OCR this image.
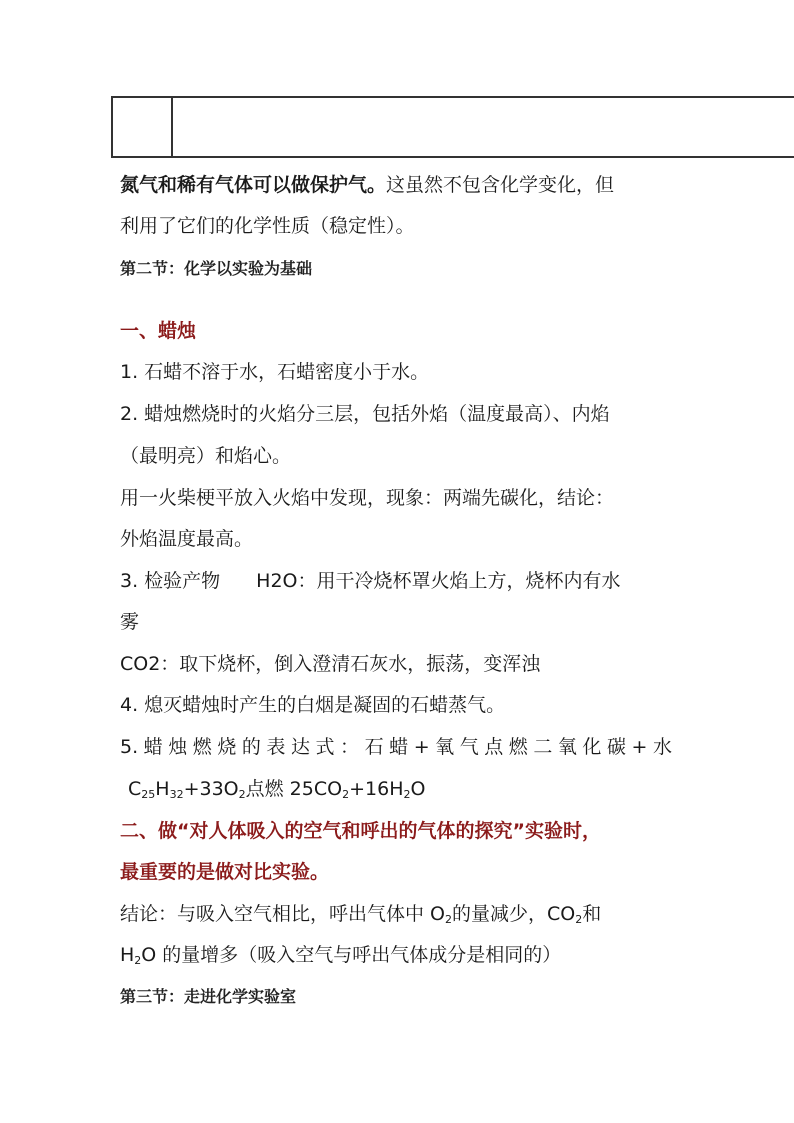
氮气和稀有气体可以做保护气。这虽然不包含化学变化，但
利用了它们的化学性质（稳定性）。
第二节：化学以实验为基础
一、蜡烛
1. 石蜡不溶于水，石蜡密度小于水。
2. 蜡烛燃烧时的火焰分三层，包括外焰（温度最高）、内焰
（最明亮）和焰心。
用一火柴梗平放入火焰中发现，现象：两端先碳化，结论：
外焰温度最高。
3. 检验产物 H2O：用干冷烧杯罩火焰上方，烧杯内有水
雾
CO2：取下烧杯，倒入澄清石灰水，振荡，变浑浊
4. 熄灭蜡烛时产生的白烟是凝固的石蜡蒸气。
5. 蜡 烛 燃 烧 的 表 达 式 ： 石 蜡 + 氧 气 点 燃 二 氧 化 碳 + 水
$C_{25}H_{32}+33O_2$点燃 $25CO_2+16H_2O$
二、做“对人体吸入的空气和呼出的气体的探究”实验时，
最重要的是做对比实验。
结论：与吸入空气相比，呼出气体中 $O_2$的量减少，$CO_2$和
$H_2O$ 的量增多（吸入空气与呼出气体成分是相同的）
第三节：走进化学实验室
